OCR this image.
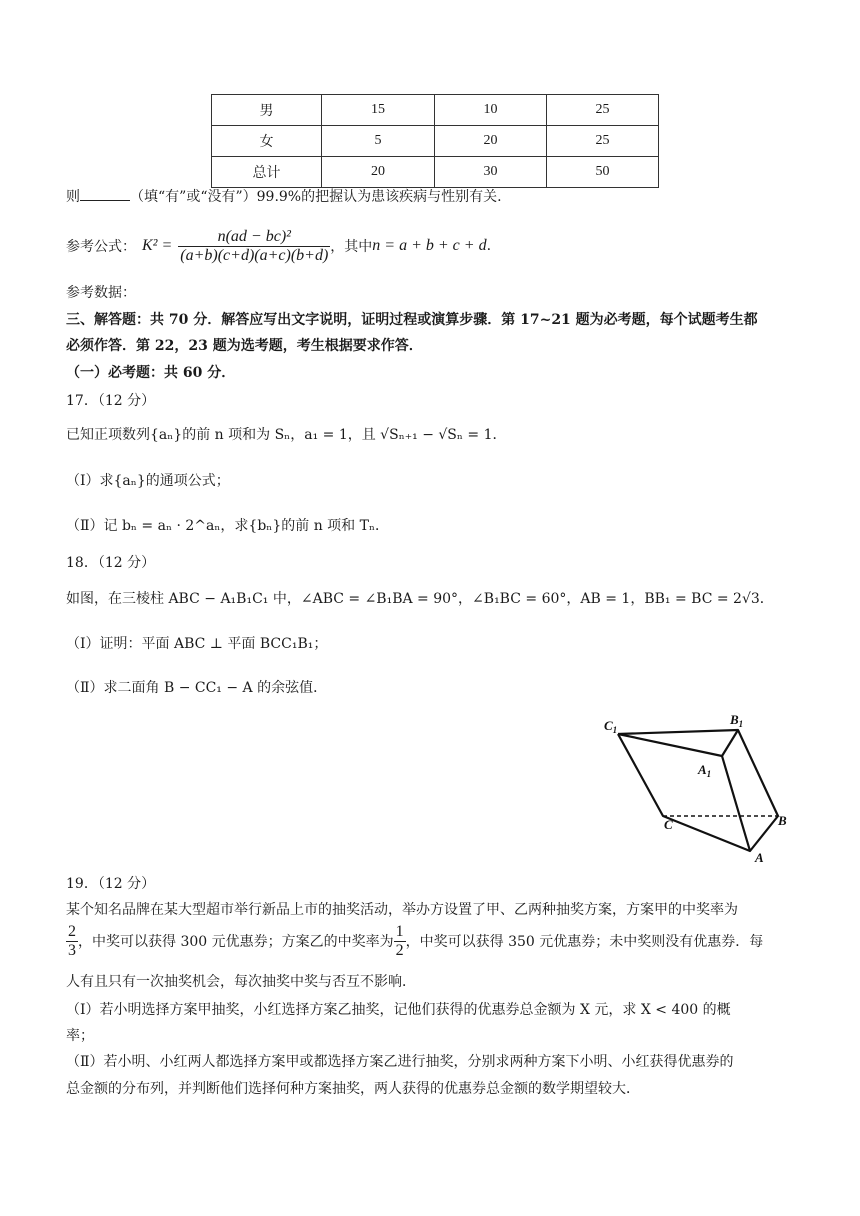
男	15	10	25
女	5	20	25
总计	20	30	50
则	（填“有”或“没有”）99.9%的把握认为患该疾病与性别有关.
参考公式： $K^2 = \frac{\text{n(ad − bc)²}}{(a+b)(c+d)(a+c)(b+d)}$ ，其中 n = a + b + c + d .
参考数据：
三、解答题：共 70 分．解答应写出文字说明，证明过程或演算步骤．第 17~21 题为必考题，每个试题考生都
必须作答．第 22，23 题为选考题，考生根据要求作答．
（一）必考题：共 60 分．
17．（12 分）
已知正项数列{aₙ}的前 n 项和为 Sₙ，a₁ = 1，且 √Sₙ₊₁ − √Sₙ = 1．
（Ⅰ）求{aₙ}的通项公式；
（Ⅱ）记 bₙ = aₙ · 2^aₙ，求{bₙ}的前 n 项和 Tₙ．
18．（12 分）
如图，在三棱柱 ABC − A₁B₁C₁ 中，∠ABC = ∠B₁BA = 90°，∠B₁BC = 60°，AB = 1，BB₁ = BC = 2√3．
（Ⅰ）证明：平面 ABC ⊥ 平面 BCC₁B₁；
（Ⅱ）求二面角 B − CC₁ − A 的余弦值．
$C_1$
$B_1$
$A_1$
C	B
A
19．（12 分）
某个知名品牌在某大型超市举行新品上市的抽奖活动，举办方设置了甲、乙两种抽奖方案，方案甲的中奖率为
$\frac{2}{3}$ ，中奖可以获得 300 元优惠券；方案乙的中奖率为 $\frac{1}{2}$ ，中奖可以获得 350 元优惠券；未中奖则没有优惠券．每
人有且只有一次抽奖机会，每次抽奖中奖与否互不影响．
（Ⅰ）若小明选择方案甲抽奖，小红选择方案乙抽奖，记他们获得的优惠券总金额为 X 元，求 X < 400 的概
率；
（Ⅱ）若小明、小红两人都选择方案甲或都选择方案乙进行抽奖，分别求两种方案下小明、小红获得优惠券的
总金额的分布列，并判断他们选择何种方案抽奖，两人获得的优惠券总金额的数学期望较大．
